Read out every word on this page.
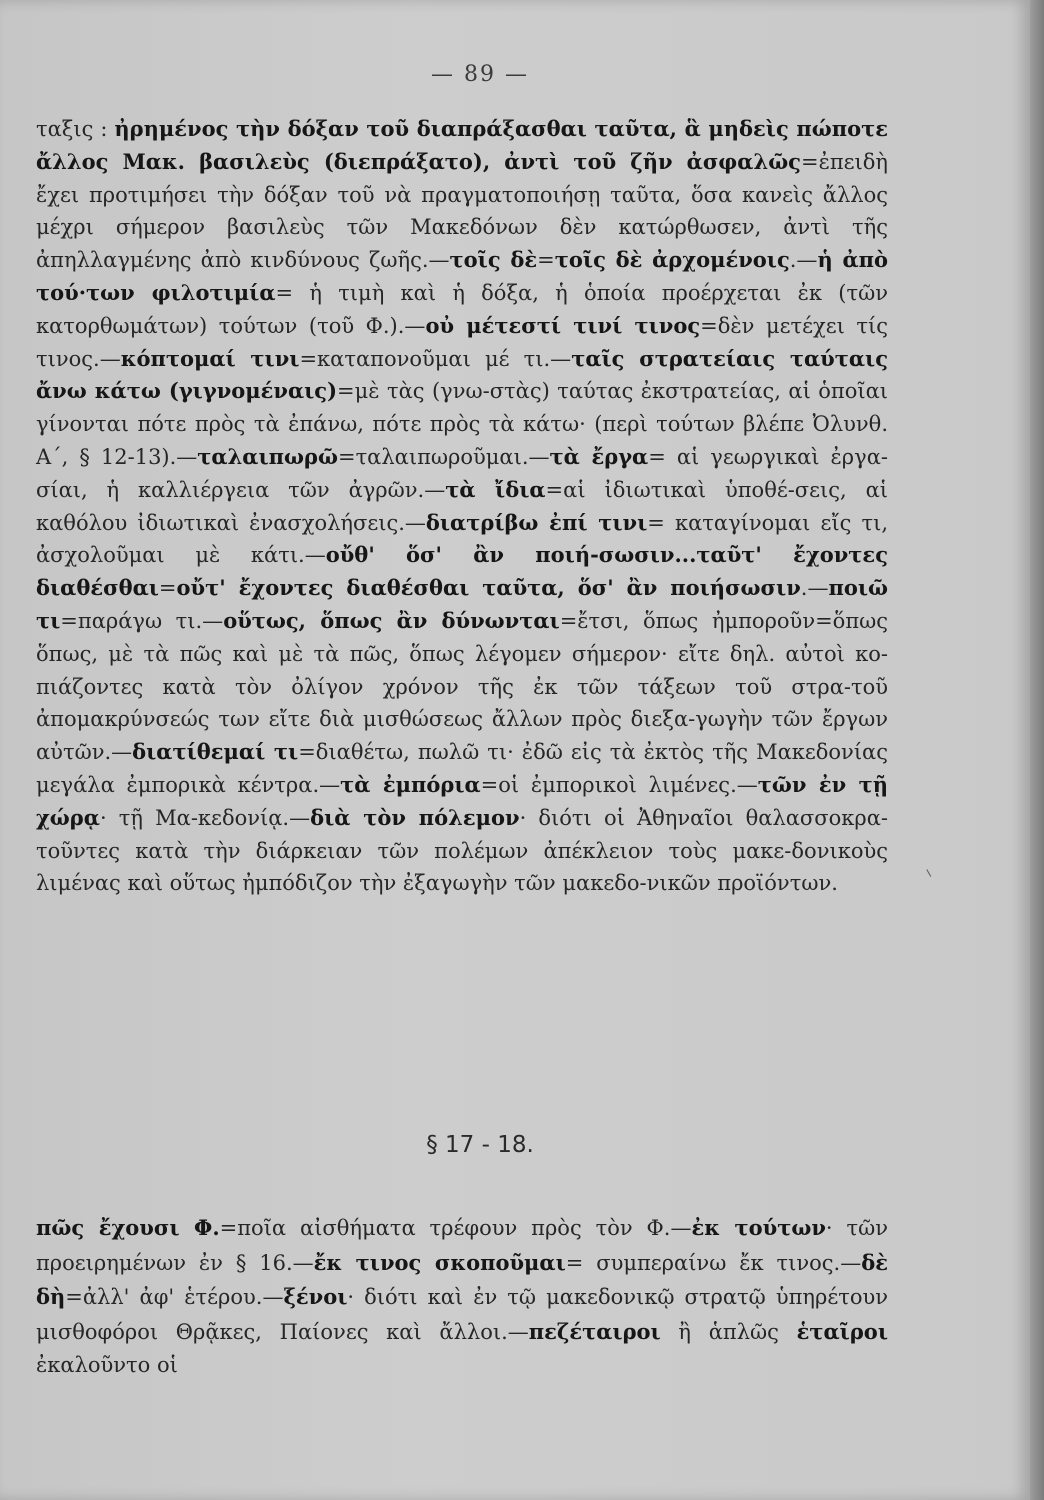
— 89 —
ταξις : ἠρημένος τὴν δόξαν τοῦ διαπράξασθαι ταῦτα, ἃ μηδεὶς πώποτε ἄλλος Μακ. βασιλεὺς (διεπράξατο), ἀντὶ τοῦ ζῆν ἀσφαλῶς=ἐπειδὴ ἔχει προτιμήσει τὴν δόξαν τοῦ νὰ πραγματοποιήσῃ ταῦτα, ὅσα κανεὶς ἄλλος μέχρι σήμερον βασιλεὺς τῶν Μακεδόνων δὲν κατώρθωσεν, ἀντὶ τῆς ἀπηλλαγμένης ἀπὸ κινδύνους ζωῆς.—τοῖς δὲ=τοῖς δὲ ἀρχομένοις.—ἡ ἀπὸ τού·των φιλοτιμία= ἡ τιμὴ καὶ ἡ δόξα, ἡ ὁποία προέρχεται ἐκ (τῶν κατορθωμάτων) τούτων (τοῦ Φ.).—οὐ μέτεστί τινί τινος=δὲν μετέχει τίς τινος.—κόπτομαί τινι=καταπονοῦμαι μέ τι.—ταῖς στρατείαις ταύταις ἄνω κάτω (γιγνομέναις)=μὲ τὰς (γνω-στὰς) ταύτας ἐκστρατείας, αἱ ὁποῖαι γίνονται πότε πρὸς τὰ ἐπάνω, πότε πρὸς τὰ κάτω· (περὶ τούτων βλέπε Ὀλυνθ. Α΄, § 12-13).—ταλαιπωρῶ=ταλαιπωροῦμαι.—τὰ ἔργα= αἱ γεωργικαὶ ἐργα-σίαι, ἡ καλλιέργεια τῶν ἀγρῶν.—τὰ ἴδια=αἱ ἰδιωτικαὶ ὑποθέ-σεις, αἱ καθόλου ἰδιωτικαὶ ἐνασχολήσεις.—διατρίβω ἐπί τινι= καταγίνομαι εἴς τι, ἀσχολοῦμαι μὲ κάτι.—οὔθ' ὅσ' ἂν ποιή-σωσιν...ταῦτ' ἔχοντες διαθέσθαι=οὔτ' ἔχοντες διαθέσθαι ταῦτα, ὅσ' ἂν ποιήσωσιν.—ποιῶ τι=παράγω τι.—οὕτως, ὅπως ἂν δύνωνται=ἔτσι, ὅπως ἠμποροῦν=ὅπως ὅπως, μὲ τὰ πῶς καὶ μὲ τὰ πῶς, ὅπως λέγομεν σήμερον· εἴτε δηλ. αὐτοὶ κο-πιάζοντες κατὰ τὸν ὀλίγον χρόνον τῆς ἐκ τῶν τάξεων τοῦ στρα-τοῦ ἀπομακρύνσεώς των εἴτε διὰ μισθώσεως ἄλλων πρὸς διεξα-γωγὴν τῶν ἔργων αὐτῶν.—διατίθεμαί τι=διαθέτω, πωλῶ τι· ἐδῶ εἰς τὰ ἐκτὸς τῆς Μακεδονίας μεγάλα ἐμπορικὰ κέντρα.—τὰ ἐμπόρια=οἱ ἐμπορικοὶ λιμένες.—τῶν ἐν τῇ χώρᾳ· τῇ Μα-κεδονίᾳ.—διὰ τὸν πόλεμον· διότι οἱ Ἀθηναῖοι θαλασσοκρα-τοῦντες κατὰ τὴν διάρκειαν τῶν πολέμων ἀπέκλειον τοὺς μακε-δονικοὺς λιμένας καὶ οὕτως ἠμπόδιζον τὴν ἐξαγωγὴν τῶν μακεδο-νικῶν προϊόντων.
§ 17 - 18.
πῶς ἔχουσι Φ.=ποῖα αἰσθήματα τρέφουν πρὸς τὸν Φ.—ἐκ τούτων· τῶν προειρημένων ἐν § 16.—ἔκ τινος σκοποῦμαι= συμπεραίνω ἔκ τινος.—δὲ δὴ=ἀλλ' ἀφ' ἑτέρου.—ξένοι· διότι καὶ ἐν τῷ μακεδονικῷ στρατῷ ὑπηρέτουν μισθοφόροι Θρᾷκες, Παίονες καὶ ἄλλοι.—πεζέταιροι ἢ ἁπλῶς ἑταῖροι ἐκαλοῦντο οἱ
